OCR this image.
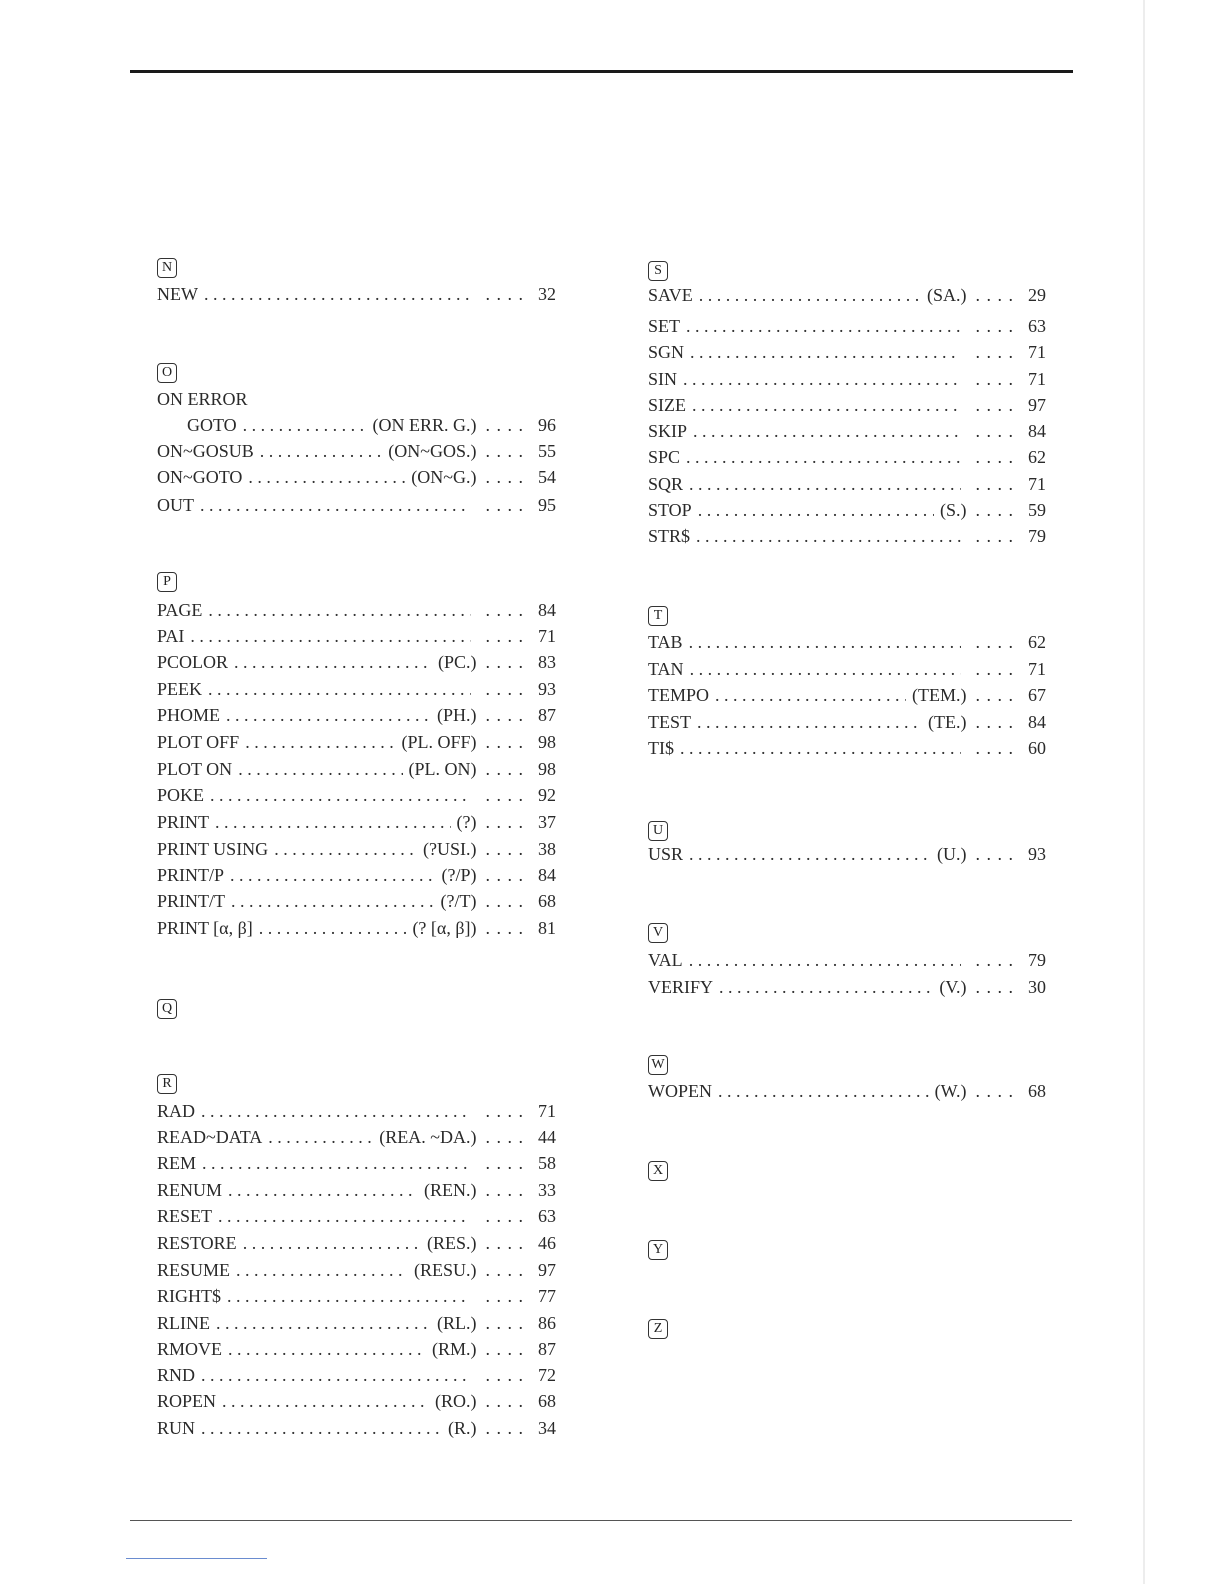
N
NEW . . .	. . . . 32
O
ON ERROR
GOTO . . .	(ON ERR. G.) . . . . 96
ON~GOSUB . . .	(ON~GOS.) . . . . 55
ON~GOTO . . .	(ON~G.) . . . . 54
OUT . . .	. . . . 95
P
PAGE . . .	. . . . 84
PAI . . .	. . . . 71
PCOLOR . . .	(PC.) . . . . 83
PEEK . . .	. . . . 93
PHOME . . .	(PH.) . . . . 87
PLOT OFF . . .	(PL. OFF) . . . . 98
PLOT ON . . .	(PL. ON) . . . . 98
POKE . . .	. . . . 92
PRINT . . .	(?) . . . . 37
PRINT USING . . .	(?USI.) . . . . 38
PRINT/P . . .	(?/P) . . . . 84
PRINT/T . . .	(?/T) . . . . 68
PRINT [α, β] . . .	(? [α, β]) . . . . 81
Q
R
RAD . . .	. . . . 71
READ~DATA . . .	(REA. ~DA.) . . . . 44
REM . . .	. . . . 58
RENUM . . .	(REN.) . . . . 33
RESET . . .	. . . . 63
RESTORE . . .	(RES.) . . . . 46
RESUME . . .	(RESU.) . . . . 97
RIGHT$ . . .	. . . . 77
RLINE . . .	(RL.) . . . . 86
RMOVE . . .	(RM.) . . . . 87
RND . . .	. . . . 72
ROPEN . . .	(RO.) . . . . 68
RUN . . .	(R.) . . . . 34
S
SAVE . . .	(SA.) . . . . 29
SET . . .	. . . . 63
SGN . . .	. . . . 71
SIN . . .	. . . . 71
SIZE . . .	. . . . 97
SKIP . . .	. . . . 84
SPC . . .	. . . . 62
SQR . . .	. . . . 71
STOP . . .	(S.) . . . . 59
STR$ . . .	. . . . 79
T
TAB . . .	. . . . 62
TAN . . .	. . . . 71
TEMPO . . .	(TEM.) . . . . 67
TEST . . .	(TE.) . . . . 84
TI$ . . .	. . . . 60
U
USR . . .	(U.) . . . . 93
V
VAL . . .	. . . . 79
VERIFY . . .	(V.) . . . . 30
W
WOPEN . . .	(W.) . . . . 68
X
Y
Z
